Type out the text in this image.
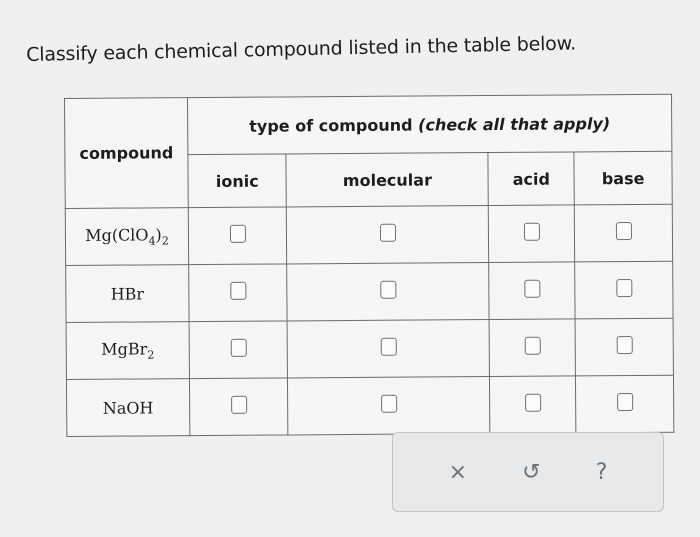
Classify each chemical compound listed in the table below.
compound	type of compound (check all that apply)			
	ionic	molecular	acid	base
$Mg(ClO_4)_2$				
HBr				
MgBr$_2$				
NaOH				
×	↺	?
